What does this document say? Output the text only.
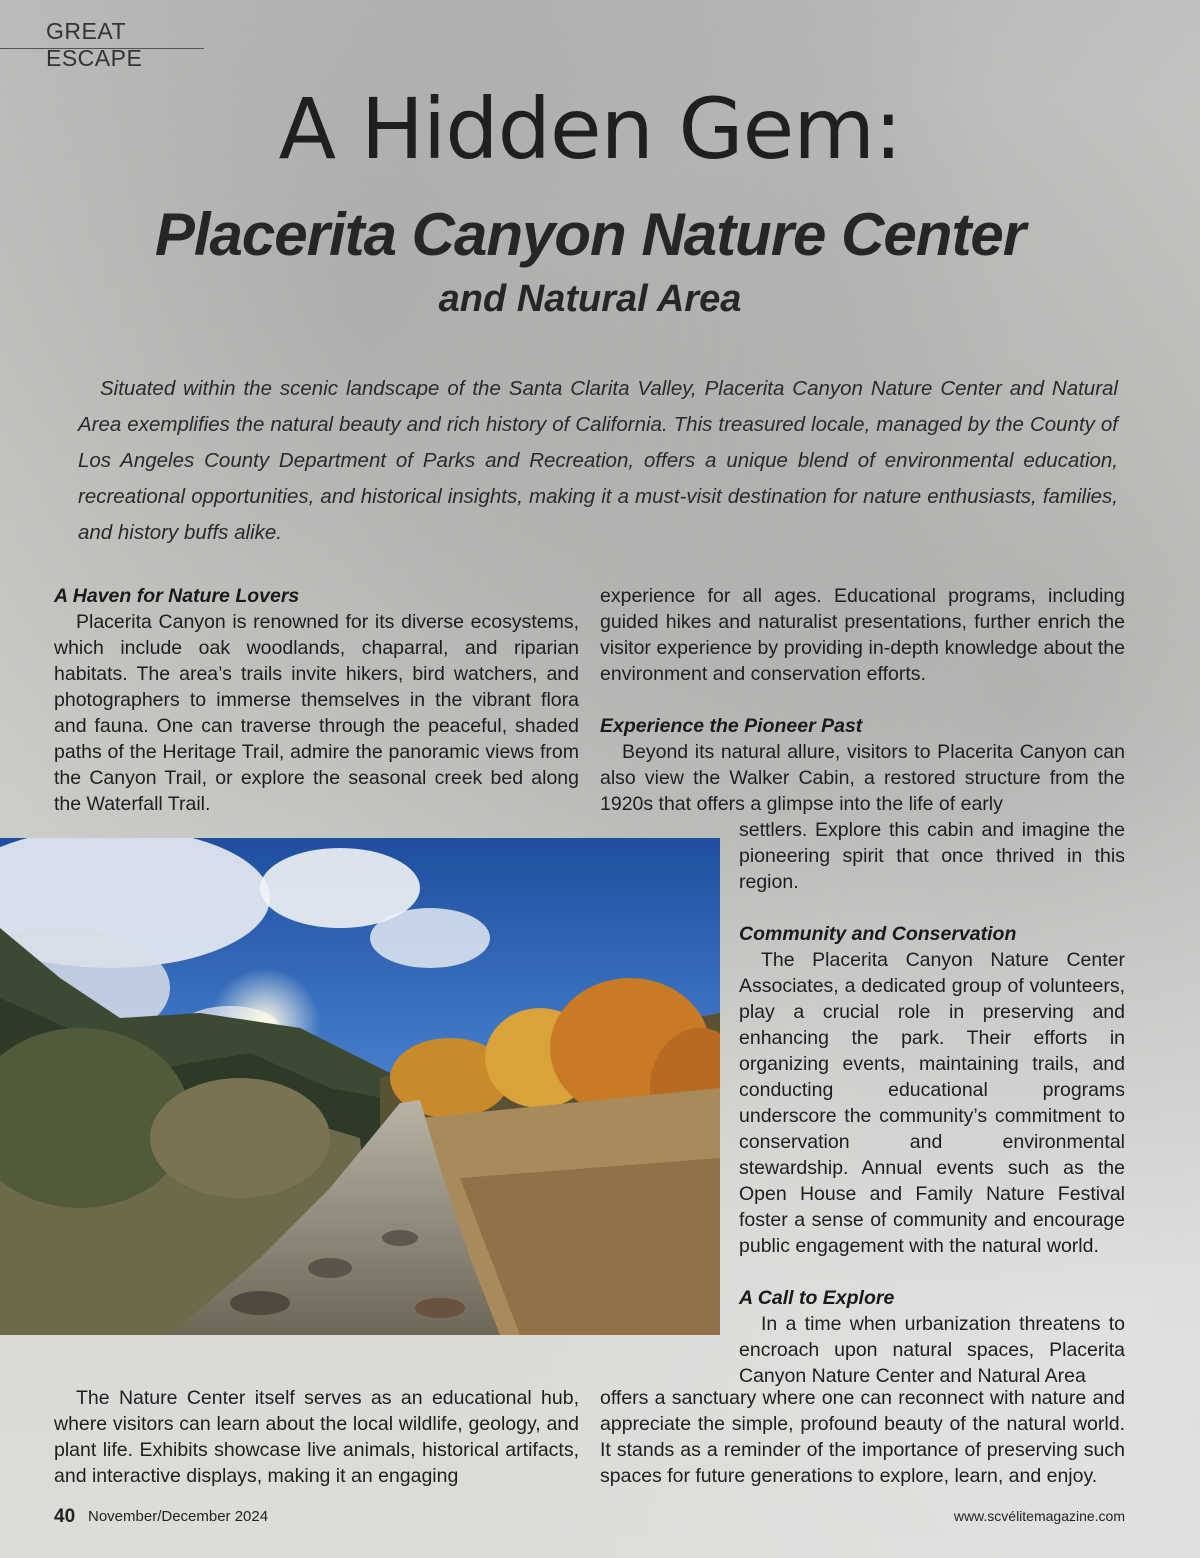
GREAT ESCAPE
A Hidden Gem:
Placerita Canyon Nature Center
and Natural Area
Situated within the scenic landscape of the Santa Clarita Valley, Placerita Canyon Nature Center and Natural Area exemplifies the natural beauty and rich history of California. This treasured locale, managed by the County of Los Angeles County Department of Parks and Recreation, offers a unique blend of environmental education, recreational opportunities, and historical insights, making it a must-visit destination for nature enthusiasts, families, and history buffs alike.
A Haven for Nature Lovers

Placerita Canyon is renowned for its diverse ecosystems, which include oak woodlands, chaparral, and riparian habitats. The area’s trails invite hikers, bird watchers, and photographers to immerse themselves in the vibrant flora and fauna. One can traverse through the peaceful, shaded paths of the Heritage Trail, admire the panoramic views from the Canyon Trail, or explore the seasonal creek bed along the Waterfall Trail.

experience for all ages. Educational programs, including guided hikes and naturalist presentations, further enrich the visitor experience by providing in-depth knowledge about the environment and conservation efforts.

Experience the Pioneer Past

Beyond its natural allure, visitors to Placerita Canyon can also view the Walker Cabin, a restored structure from the 1920s that offers a glimpse into the life of early

settlers. Explore this cabin and imagine the pioneering spirit that once thrived in this region.

Community and Conservation

The Placerita Canyon Nature Center Associates, a dedicated group of volunteers, play a crucial role in preserving and enhancing the park. Their efforts in organizing events, maintaining trails, and conducting educational programs underscore the community’s commitment to conservation and environmental stewardship. Annual events such as the Open House and Family Nature Festival foster a sense of community and encourage public engagement with the natural world.

A Call to Explore

In a time when urbanization threatens to encroach upon natural spaces, Placerita Canyon Nature Center and Natural Area

The Nature Center itself serves as an educational hub, where visitors can learn about the local wildlife, geology, and plant life. Exhibits showcase live animals, historical artifacts, and interactive displays, making it an engaging

offers a sanctuary where one can reconnect with nature and appreciate the simple, profound beauty of the natural world. It stands as a reminder of the importance of preserving such spaces for future generations to explore, learn, and enjoy.

40 November/December 2024	www.scvélitemagazine.com
